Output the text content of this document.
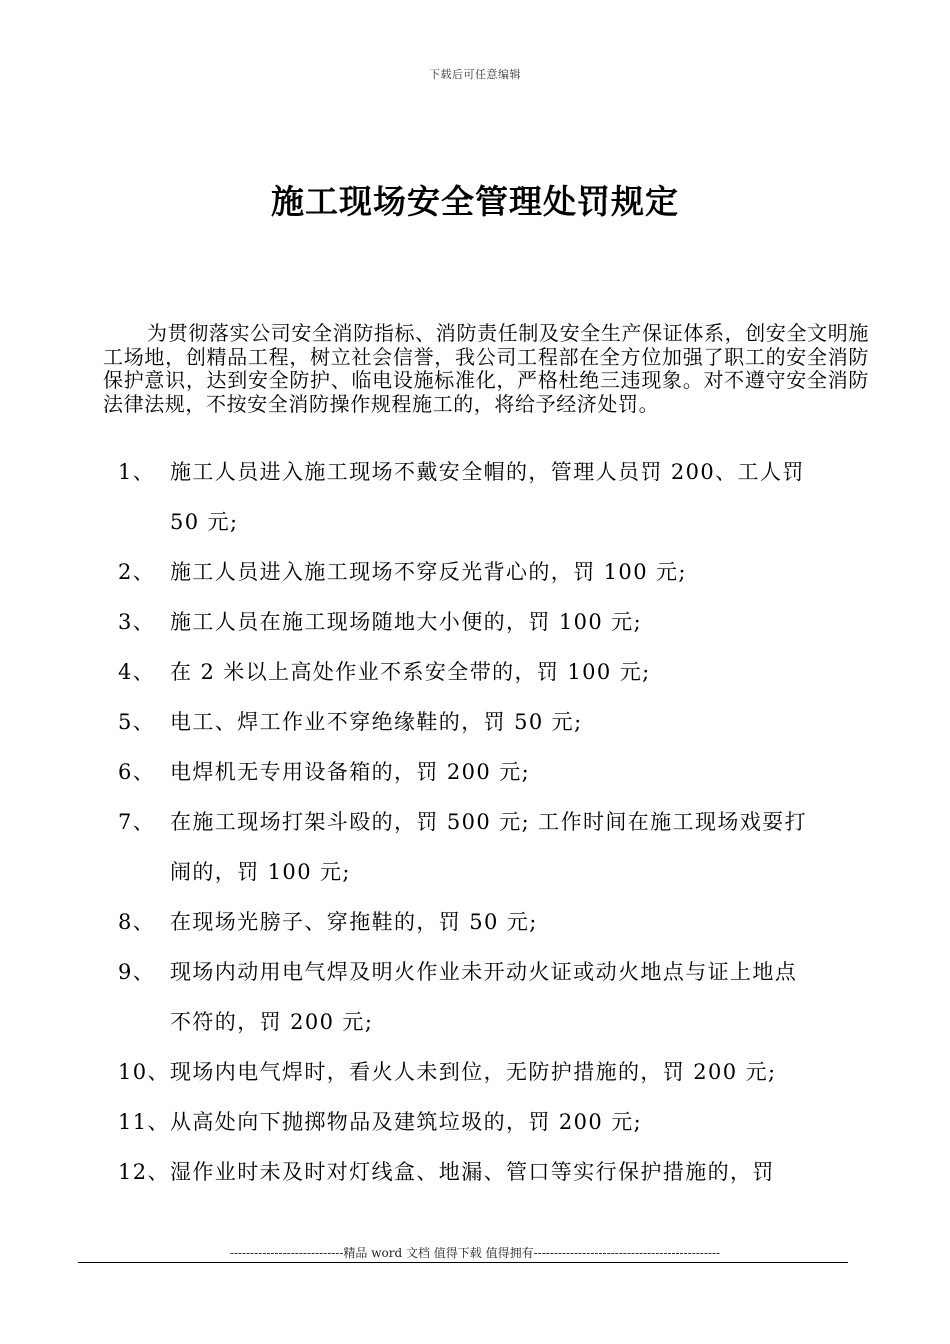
下载后可任意编辑
施工现场安全管理处罚规定

为贯彻落实公司安全消防指标、消防责任制及安全生产保证体系，创安全文明施工场地，创精品工程，树立社会信誉，我公司工程部在全方位加强了职工的安全消防保护意识，达到安全防护、临电设施标准化，严格杜绝三违现象。对不遵守安全消防法律法规，不按安全消防操作规程施工的，将给予经济处罚。

1、 施工人员进入施工现场不戴安全帽的，管理人员罚 200、工人罚
50 元;
2、 施工人员进入施工现场不穿反光背心的，罚 100 元;
3、 施工人员在施工现场随地大小便的，罚 100 元;
4、 在 2 米以上高处作业不系安全带的，罚 100 元;
5、 电工、焊工作业不穿绝缘鞋的，罚 50 元;
6、 电焊机无专用设备箱的，罚 200 元;
7、 在施工现场打架斗殴的，罚 500 元; 工作时间在施工现场戏耍打
闹的，罚 100 元;
8、 在现场光膀子、穿拖鞋的，罚 50 元;
9、 现场内动用电气焊及明火作业未开动火证或动火地点与证上地点
不符的，罚 200 元;
10、 现场内电气焊时，看火人未到位，无防护措施的，罚 200 元;
11、 从高处向下抛掷物品及建筑垃圾的，罚 200 元;
12、 湿作业时未及时对灯线盒、地漏、管口等实行保护措施的，罚
----------------------------精品 word 文档 值得下载 值得拥有----------------------------------------------
